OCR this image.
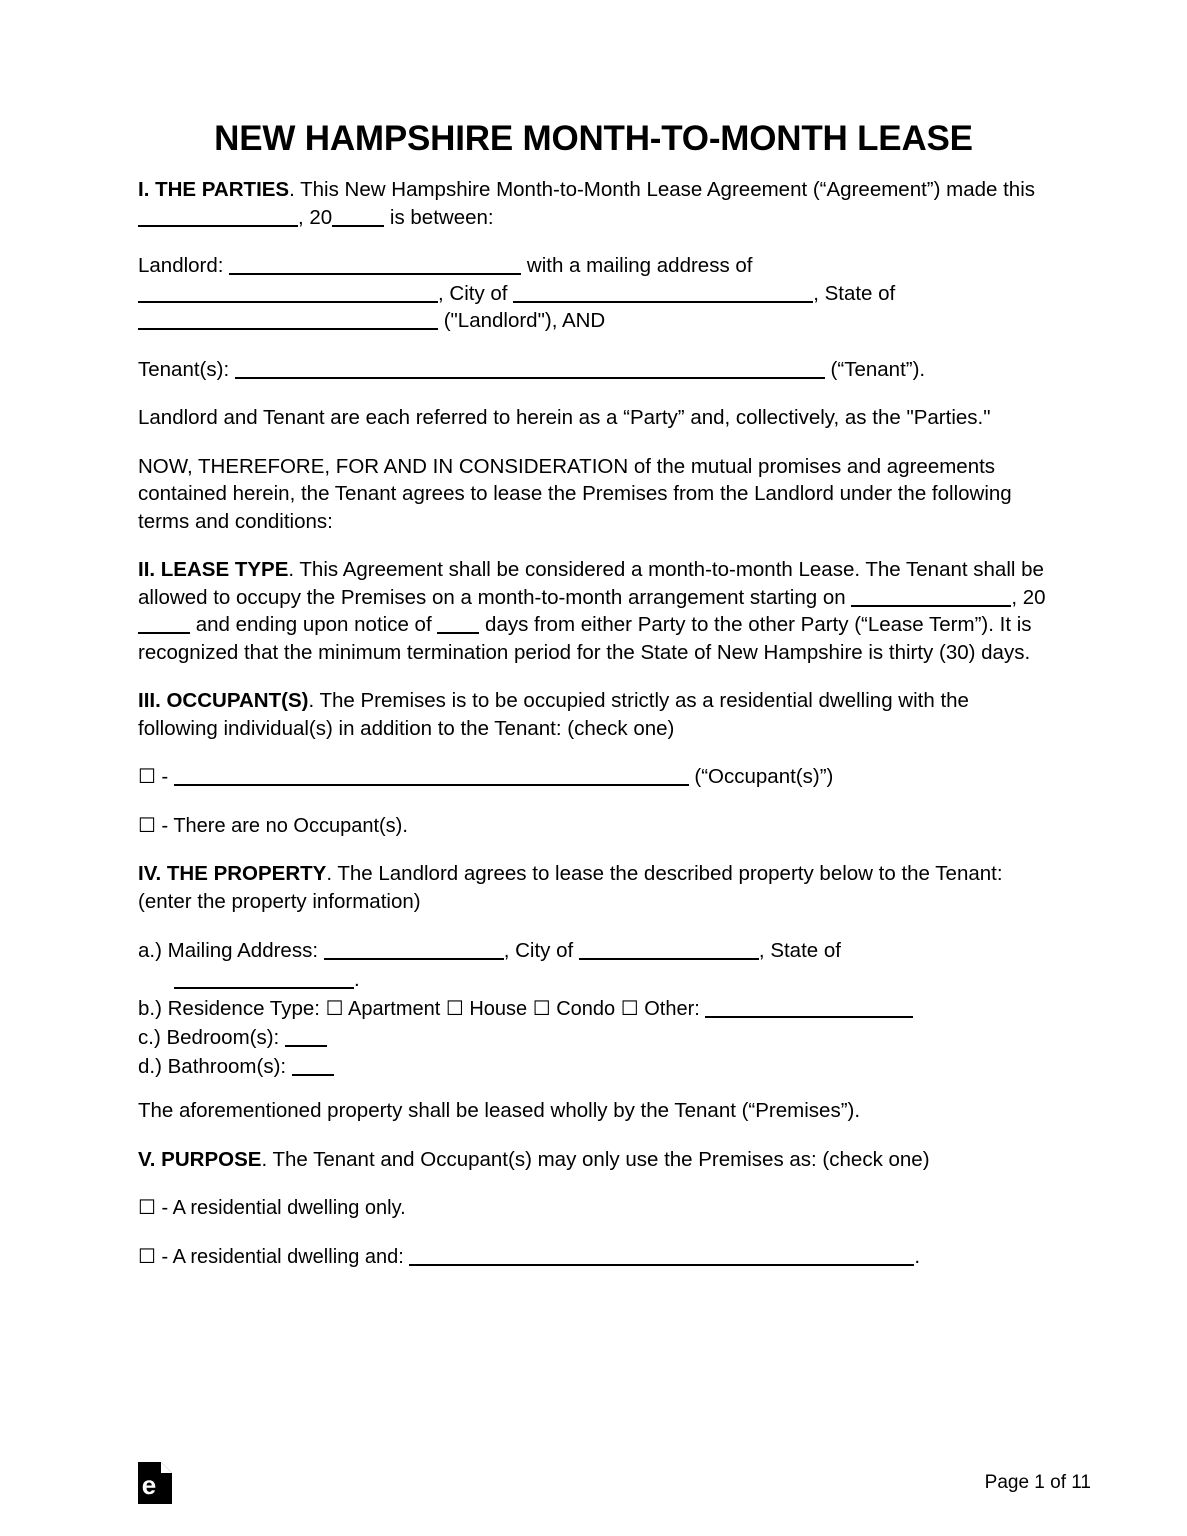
NEW HAMPSHIRE MONTH-TO-MONTH LEASE

I. THE PARTIES. This New Hampshire Month-to-Month Lease Agreement (“Agreement”) made this , 20	is between:

Landlord:	with a mailing address of , City of	, State of  ("Landlord"), AND

Tenant(s):	(“Tenant”).

Landlord and Tenant are each referred to herein as a “Party” and, collectively, as the "Parties."

NOW, THEREFORE, FOR AND IN CONSIDERATION of the mutual promises and agreements contained herein, the Tenant agrees to lease the Premises from the Landlord under the following terms and conditions:

II. LEASE TYPE. This Agreement shall be considered a month-to-month Lease. The Tenant shall be allowed to occupy the Premises on a month-to-month arrangement starting on	, 20 and ending upon notice of  days from either Party to the other Party (“Lease Term”). It is recognized that the minimum termination period for the State of New Hampshire is thirty (30) days.

III. OCCUPANT(S). The Premises is to be occupied strictly as a residential dwelling with the following individual(s) in addition to the Tenant: (check one)

☐ -	(“Occupant(s)”)

☐ - There are no Occupant(s).

IV. THE PROPERTY. The Landlord agrees to lease the described property below to the Tenant: (enter the property information)

a.) Mailing Address:	, City of	, State of
.

b.) Residence Type: ☐ Apartment ☐ House ☐ Condo ☐ Other:

c.) Bedroom(s):

d.) Bathroom(s):

The aforementioned property shall be leased wholly by the Tenant (“Premises”).

V. PURPOSE. The Tenant and Occupant(s) may only use the Premises as: (check one)

☐ - A residential dwelling only.

☐ - A residential dwelling and:	.

e	Page 1 of 11
